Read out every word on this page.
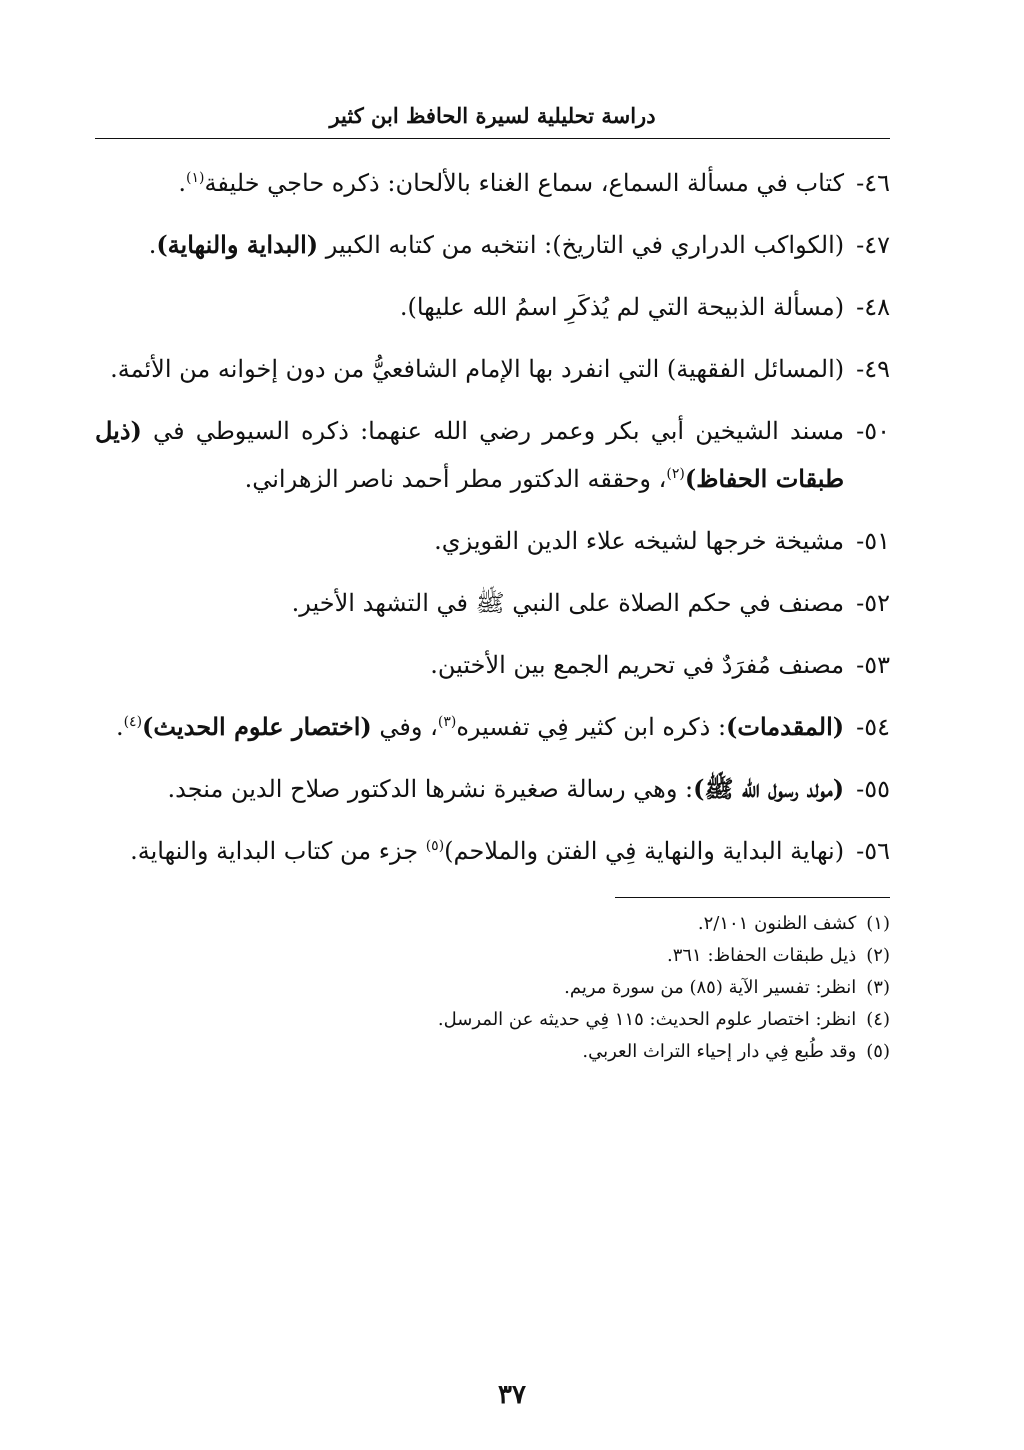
دراسة تحليلية لسيرة الحافظ ابن كثير
٤٦-
كتاب في مسألة السماع، سماع الغناء بالألحان: ذكره حاجي خليفة$^{(١)}$.
٤٧-
(الكواكب الدراري في التاريخ): انتخبه من كتابه الكبير (البداية والنهاية).
٤٨-
(مسألة الذبيحة التي لم يُذكَرِ اسمُ الله عليها).
٤٩-
(المسائل الفقهية) التي انفرد بها الإمام الشافعيُّ من دون إخوانه من الأئمة.
٥٠-
مسند الشيخين أبي بكر وعمر رضي الله عنهما: ذكره السيوطي في (ذيل طبقات الحفاظ)$^{(٢)}$، وحققه الدكتور مطر أحمد ناصر الزهراني.
٥١-
مشيخة خرجها لشيخه علاء الدين القويزي.
٥٢-
مصنف في حكم الصلاة على النبي ﷺ في التشهد الأخير.
٥٣-
مصنف مُفرَدٌ في تحريم الجمع بين الأختين.
٥٤-
(المقدمات): ذكره ابن كثير فِي تفسيره$^{(٣)}$، وفي (اختصار علوم الحديث)$^{(٤)}$.
٥٥-
(مولد رسول الله ﷺ): وهي رسالة صغيرة نشرها الدكتور صلاح الدين منجد.
٥٦-
(نهاية البداية والنهاية فِي الفتن والملاحم)$^{(٥)}$ جزء من كتاب البداية والنهاية.
(١)
كشف الظنون ٢/١٠١.
(٢)
ذيل طبقات الحفاظ: ٣٦١.
(٣)
انظر: تفسير الآية (٨٥) من سورة مريم.
(٤)
انظر: اختصار علوم الحديث: ١١٥ فِي حديثه عن المرسل.
(٥)
وقد طُبع فِي دار إحياء التراث العربي.
٣٧
